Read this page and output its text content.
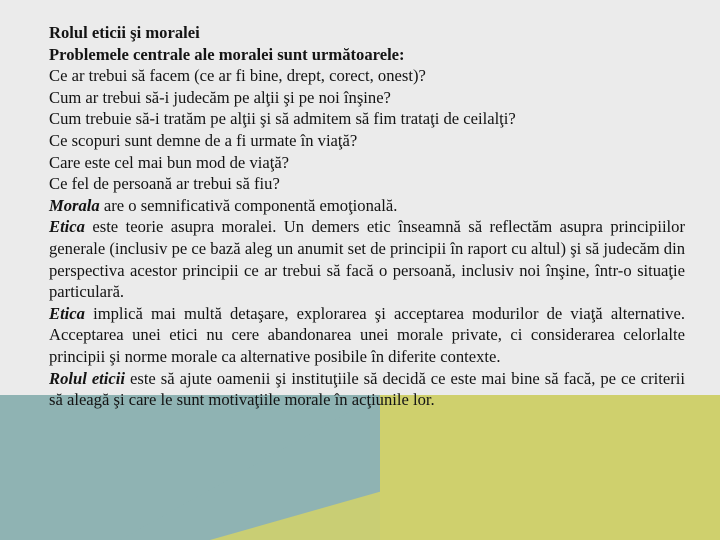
Rolul eticii şi moralei

Problemele centrale ale moralei sunt următoarele:

Ce ar trebui să facem (ce ar fi bine, drept, corect, onest)?

Cum ar trebui să-i judecăm pe alţii şi pe noi înşine?

Cum trebuie să-i tratăm pe alţii şi să admitem să fim trataţi de ceilalţi?

Ce scopuri sunt demne de a fi urmate în viaţă?

Care este cel mai bun mod de viaţă?

Ce fel de persoană ar trebui să fiu?

Morala are o semnificativă componentă emoţională.

Etica este teorie asupra moralei. Un demers etic înseamnă să reflectăm asupra principiilor generale (inclusiv pe ce bază aleg un anumit set de principii în raport cu altul) şi să judecăm din perspectiva acestor principii ce ar trebui să facă o persoană, inclusiv noi înşine, într-o situaţie particulară.

Etica implică mai multă detaşare, explorarea şi acceptarea modurilor de viaţă alternative. Acceptarea unei etici nu cere abandonarea unei morale private, ci considerarea celorlalte principii şi norme morale ca alternative posibile în diferite contexte.

Rolul eticii este să ajute oamenii şi instituţiile să decidă ce este mai bine să facă, pe ce criterii să aleagă şi care le sunt motivaţiile morale în acţiunile lor.
